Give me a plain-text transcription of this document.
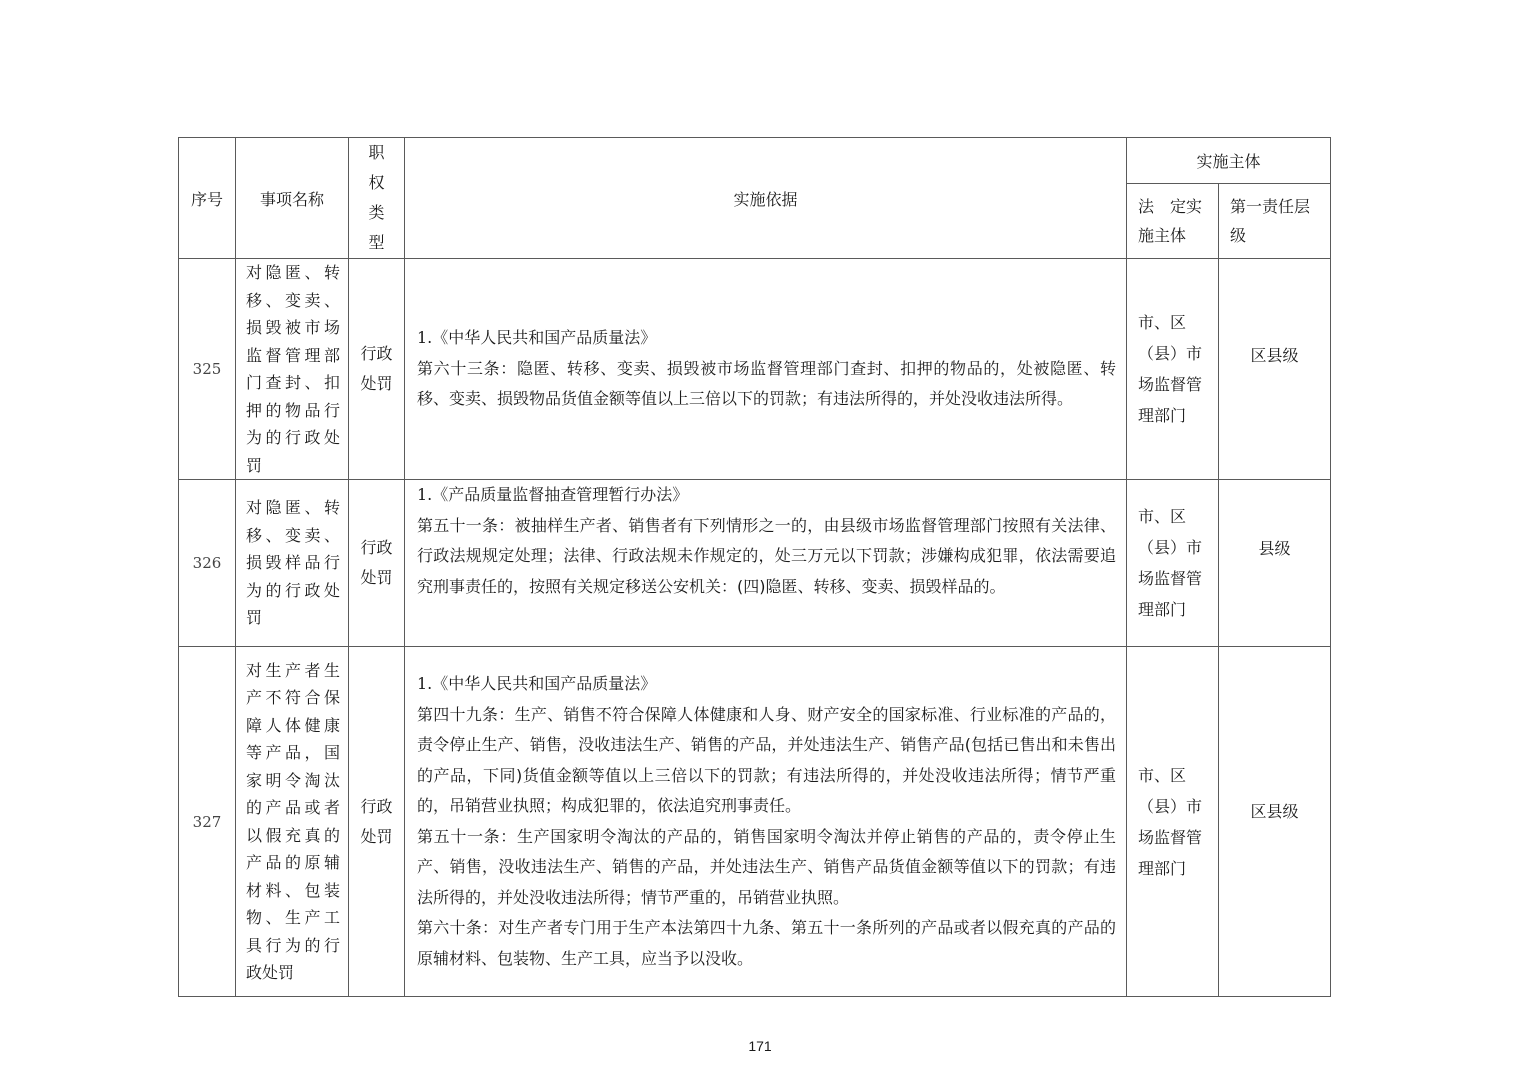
序号	事项名称	职权类型	实施依据	实施主体	
				法　定实施主体	第一责任层级
325	对隐匿、转移、变卖、损毁被市场监督管理部门查封、扣押的物品行为的行政处罚	行政处罚	1.《中华人民共和国产品质量法》
第六十三条：隐匿、转移、变卖、损毁被市场监督管理部门查封、扣押的物品的，处被隐匿、转移、变卖、损毁物品货值金额等值以上三倍以下的罚款；有违法所得的，并处没收违法所得。	市、区（县）市场监督管理部门	区县级
326	对隐匿、转移、变卖、损毁样品行为的行政处罚	行政处罚	1.《产品质量监督抽查管理暂行办法》
第五十一条：被抽样生产者、销售者有下列情形之一的，由县级市场监督管理部门按照有关法律、行政法规规定处理；法律、行政法规未作规定的，处三万元以下罚款；涉嫌构成犯罪，依法需要追究刑事责任的，按照有关规定移送公安机关：(四)隐匿、转移、变卖、损毁样品的。	市、区（县）市场监督管理部门	县级
327	对生产者生产不符合保障人体健康等产品，国家明令淘汰的产品或者以假充真的产品的原辅材料、包装物、生产工具行为的行政处罚	行政处罚	1.《中华人民共和国产品质量法》
第四十九条：生产、销售不符合保障人体健康和人身、财产安全的国家标准、行业标准的产品的，责令停止生产、销售，没收违法生产、销售的产品，并处违法生产、销售产品(包括已售出和未售出的产品，下同)货值金额等值以上三倍以下的罚款；有违法所得的，并处没收违法所得；情节严重的，吊销营业执照；构成犯罪的，依法追究刑事责任。
第五十一条：生产国家明令淘汰的产品的，销售国家明令淘汰并停止销售的产品的，责令停止生产、销售，没收违法生产、销售的产品，并处违法生产、销售产品货值金额等值以下的罚款；有违法所得的，并处没收违法所得；情节严重的，吊销营业执照。
第六十条：对生产者专门用于生产本法第四十九条、第五十一条所列的产品或者以假充真的产品的原辅材料、包装物、生产工具，应当予以没收。	市、区（县）市场监督管理部门	区县级
171
